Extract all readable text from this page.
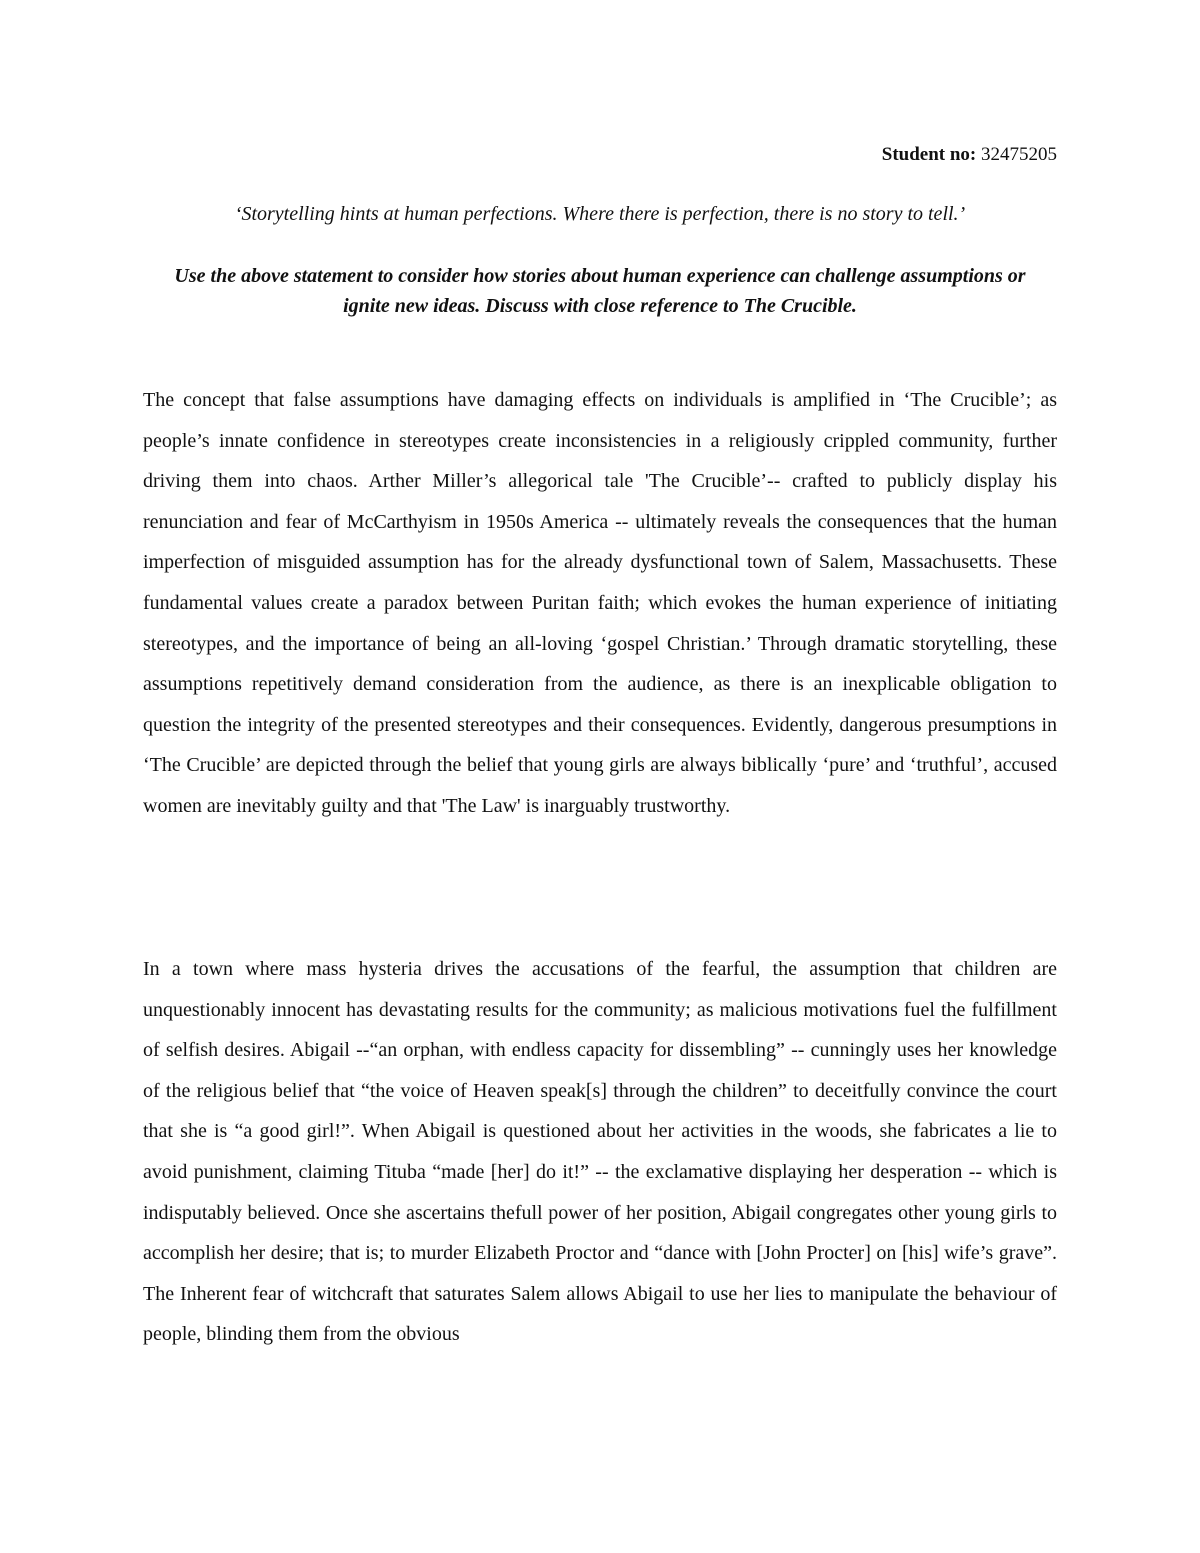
Student no: 32475205
‘Storytelling hints at human perfections. Where there is perfection, there is no story to tell.’
Use the above statement to consider how stories about human experience can challenge assumptions or ignite new ideas. Discuss with close reference to The Crucible.

The concept that false assumptions have damaging effects on individuals is amplified in ‘The Crucible’; as people’s innate confidence in stereotypes create inconsistencies in a religiously crippled community, further driving them into chaos. Arther Miller’s allegorical tale 'The Crucible’-- crafted to publicly display his renunciation and fear of McCarthyism in 1950s America -- ultimately reveals the consequences that the human imperfection of misguided assumption has for the already dysfunctional town of Salem, Massachusetts. These fundamental values create a paradox between Puritan faith; which evokes the human experience of initiating stereotypes, and the importance of being an all-loving ‘gospel Christian.’ Through dramatic storytelling, these assumptions repetitively demand consideration from the audience, as there is an inexplicable obligation to question the integrity of the presented stereotypes and their consequences. Evidently, dangerous presumptions in ‘The Crucible’ are depicted through the belief that young girls are always biblically ‘pure’ and ‘truthful’, accused women are inevitably guilty and that 'The Law' is inarguably trustworthy.

In a town where mass hysteria drives the accusations of the fearful, the assumption that children are unquestionably innocent has devastating results for the community; as malicious motivations fuel the fulfillment of selfish desires. Abigail --“an orphan, with endless capacity for dissembling” -- cunningly uses her knowledge of the religious belief that “the voice of Heaven speak[s] through the children” to deceitfully convince the court that she is “a good girl!”. When Abigail is questioned about her activities in the woods, she fabricates a lie to avoid punishment, claiming Tituba “made [her] do it!” -- the exclamative displaying her desperation -- which is indisputably believed. Once she ascertains thefull power of her position, Abigail congregates other young girls to accomplish her desire; that is; to murder Elizabeth Proctor and “dance with [John Procter] on [his] wife’s grave”. The Inherent fear of witchcraft that saturates Salem allows Abigail to use her lies to manipulate the behaviour of people, blinding them from the obvious
